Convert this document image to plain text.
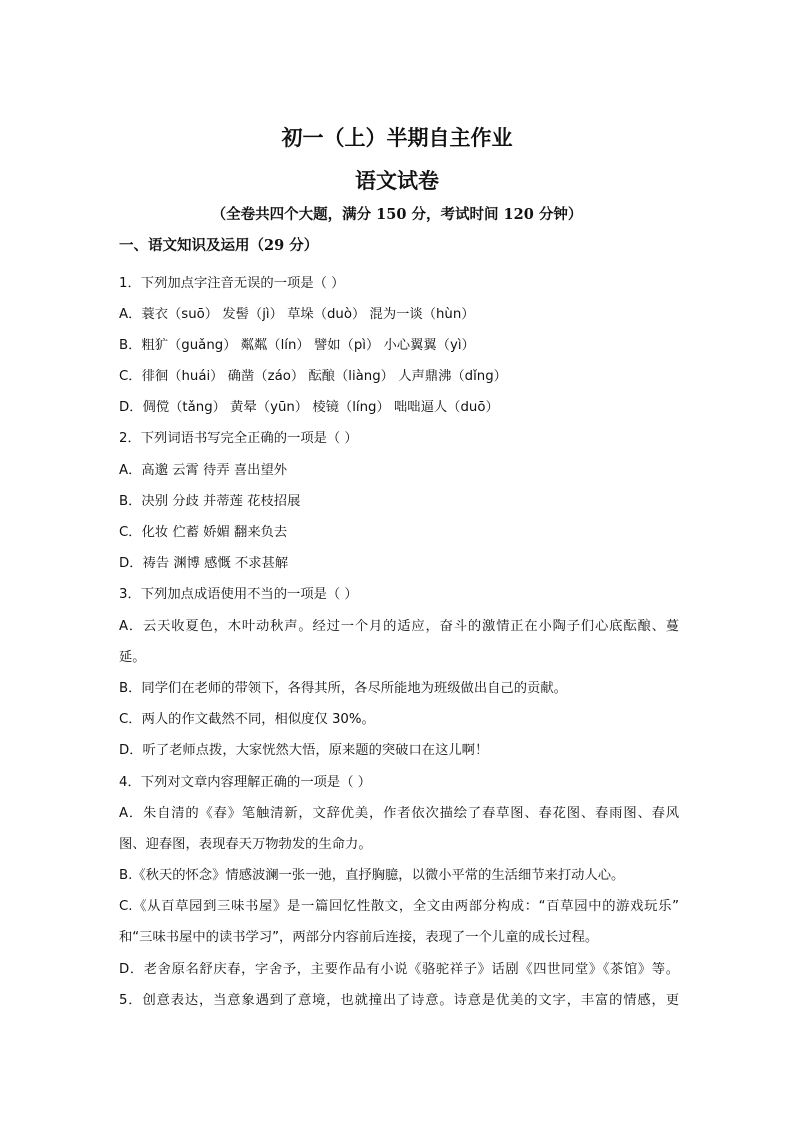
初一（上）半期自主作业
语文试卷
（全卷共四个大题，满分 150 分，考试时间 120 分钟）
一、语文知识及运用（29 分）
1．下列加点字注音无误的一项是（ ）
A．蓑衣（suō） 发髻（jì） 草垛（duò） 混为一谈（hùn）
B．粗犷（guǎng） 粼粼（lín） 譬如（pì） 小心翼翼（yì）
C．徘徊（huái） 确凿（záo） 酝酿（liàng） 人声鼎沸（dǐng）
D．倜傥（tǎng） 黄晕（yūn） 棱镜（líng） 咄咄逼人（duō）
2．下列词语书写完全正确的一项是（ ）
A．高邈 云霄 待弄 喜出望外
B．决别 分歧 并蒂莲 花枝招展
C．化妆 伫蓄 娇媚 翻来负去
D．祷告 渊博 感慨 不求甚解
3．下列加点成语使用不当的一项是（ ）
A．云天收夏色，木叶动秋声。经过一个月的适应，奋斗的激情正在小陶子们心底酝酿、蔓
延。
B．同学们在老师的带领下，各得其所，各尽所能地为班级做出自己的贡献。
C．两人的作文截然不同，相似度仅 30%。
D．听了老师点拨，大家恍然大悟，原来题的突破口在这儿啊！
4．下列对文章内容理解正确的一项是（ ）
A．朱自清的《春》笔触清新，文辞优美，作者依次描绘了春草图、春花图、春雨图、春风
图、迎春图，表现春天万物勃发的生命力。
B.《秋天的怀念》情感波澜一张一弛，直抒胸臆，以微小平常的生活细节来打动人心。
C.《从百草园到三味书屋》是一篇回忆性散文，全文由两部分构成：“百草园中的游戏玩乐”
和“三味书屋中的读书学习”，两部分内容前后连接，表现了一个儿童的成长过程。
D．老舍原名舒庆春，字舍予，主要作品有小说《骆驼祥子》话剧《四世同堂》《茶馆》等。
5．创意表达，当意象遇到了意境，也就撞出了诗意。诗意是优美的文字，丰富的情感，更
